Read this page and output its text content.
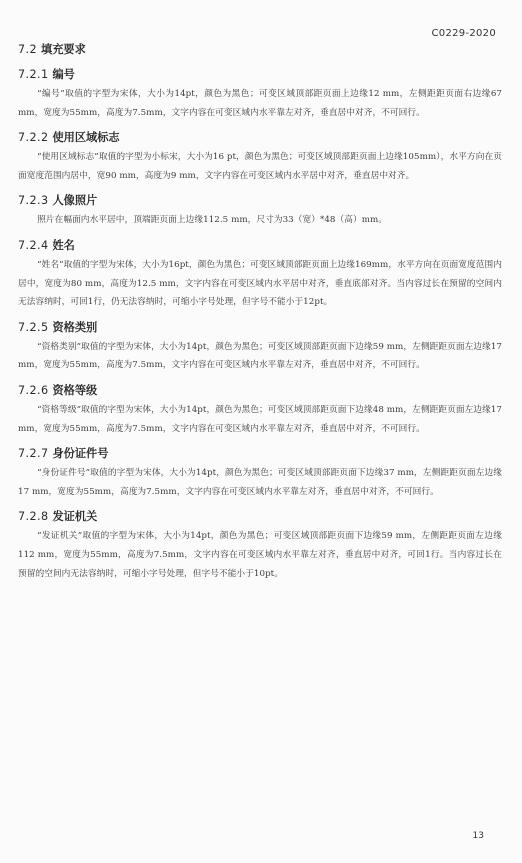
C0229-2020
7.2 填充要求
7.2.1 编号

“编号”取值的字型为宋体，大小为14pt，颜色为黑色；可变区域顶部距页面上边缘12 mm，左侧距距页面右边缘67 mm，宽度为55mm，高度为7.5mm，文字内容在可变区域内水平靠左对齐，垂直居中对齐，不可回行。

7.2.2 使用区域标志

“使用区域标志”取值的字型为小标宋，大小为16 pt，颜色为黑色；可变区域顶部距页面上边缘105mm），水平方向在页面宽度范围内居中，宽90 mm，高度为9 mm，文字内容在可变区域内水平居中对齐，垂直居中对齐。

7.2.3 人像照片

照片在幅面内水平居中，顶端距页面上边缘112.5 mm，尺寸为33（宽）*48（高）mm。

7.2.4 姓名

“姓名”取值的字型为宋体，大小为16pt，颜色为黑色；可变区域顶部距页面上边缘169mm，水平方向在页面宽度范围内居中，宽度为80 mm，高度为12.5 mm，文字内容在可变区域内水平居中对齐，垂直底部对齐。当内容过长在预留的空间内无法容纳时，可回1行，仍无法容纳时，可缩小字号处理，但字号不能小于12pt。

7.2.5 资格类别

“资格类别”取值的字型为宋体，大小为14pt，颜色为黑色；可变区域顶部距页面下边缘59 mm，左侧距距页面左边缘17 mm，宽度为55mm，高度为7.5mm，文字内容在可变区域内水平靠左对齐，垂直居中对齐，不可回行。

7.2.6 资格等级

“资格等级”取值的字型为宋体，大小为14pt，颜色为黑色；可变区域顶部距页面下边缘48 mm，左侧距距页面左边缘17 mm，宽度为55mm，高度为7.5mm，文字内容在可变区域内水平靠左对齐，垂直居中对齐，不可回行。

7.2.7 身份证件号

“身份证件号”取值的字型为宋体，大小为14pt，颜色为黑色；可变区域顶部距页面下边缘37 mm，左侧距距页面左边缘17 mm，宽度为55mm，高度为7.5mm，文字内容在可变区域内水平靠左对齐，垂直居中对齐，不可回行。

7.2.8 发证机关

“发证机关”取值的字型为宋体，大小为14pt，颜色为黑色；可变区域顶部距页面下边缘59 mm，左侧距距页面左边缘112 mm，宽度为55mm，高度为7.5mm，文字内容在可变区域内水平靠左对齐，垂直居中对齐，可回1行。当内容过长在预留的空间内无法容纳时，可缩小字号处理，但字号不能小于10pt。

13
